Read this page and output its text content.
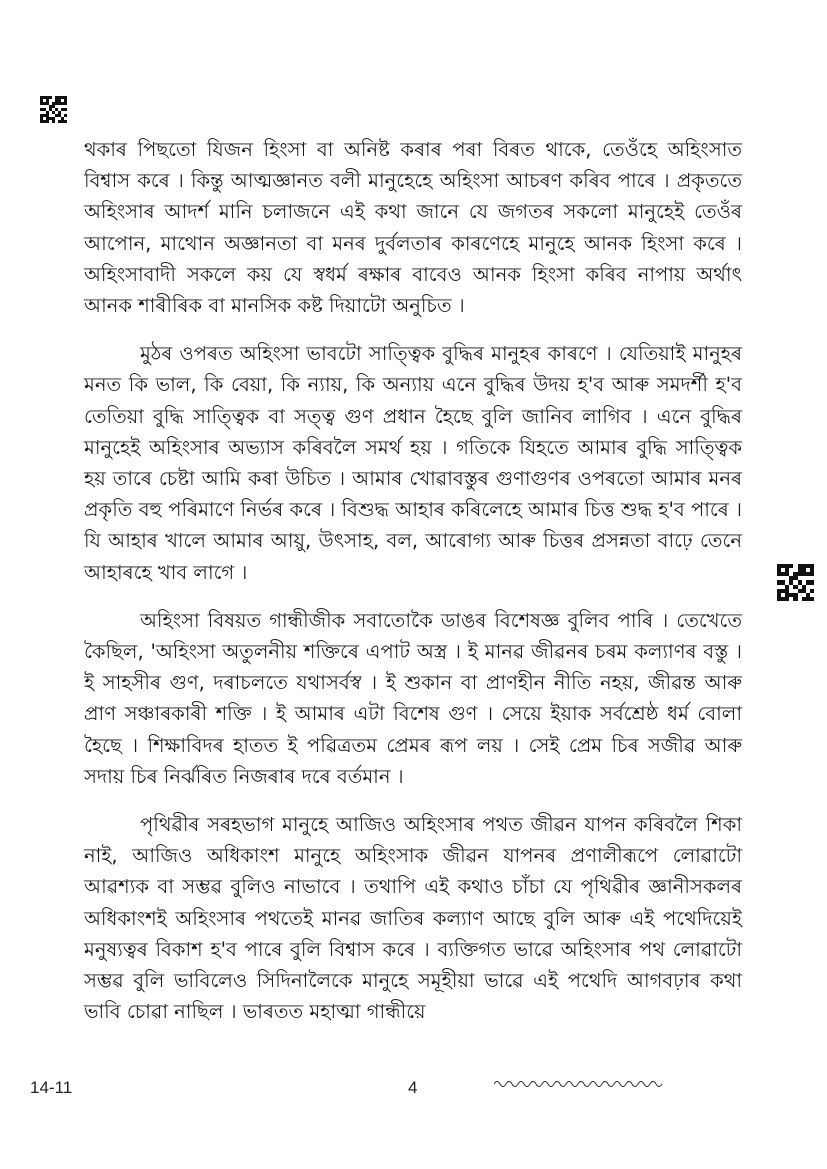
থকাৰ পিছতো যিজন হিংসা বা অনিষ্ট কৰাৰ পৰা বিৰত থাকে, তেওঁহে অহিংসাত বিশ্বাস কৰে । কিন্তু আত্মজ্ঞানত বলী মানুহেহে অহিংসা আচৰণ কৰিব পাৰে । প্ৰকৃততে অহিংসাৰ আদৰ্শ মানি চলাজনে এই কথা জানে যে জগতৰ সকলো মানুহেই তেওঁৰ আপোন, মাথোন অজ্ঞানতা বা মনৰ দুৰ্বলতাৰ কাৰণেহে মানুহে আনক হিংসা কৰে । অহিংসাবাদী সকলে কয় যে স্বধৰ্ম ৰক্ষাৰ বাবেও আনক হিংসা কৰিব নাপায় অৰ্থাৎ আনক শাৰীৰিক বা মানসিক কষ্ট দিয়াটো অনুচিত ।

মুঠৰ ওপৰত অহিংসা ভাবটো সাত্ত্বিক বুদ্ধিৰ মানুহৰ কাৰণে । যেতিয়াই মানুহৰ মনত কি ভাল, কি বেয়া, কি ন্যায়, কি অন্যায় এনে বুদ্ধিৰ উদয় হ'ব আৰু সমদৰ্শী হ'ব তেতিয়া বুদ্ধি সাত্ত্বিক বা সত্ত্ব গুণ প্ৰধান হৈছে বুলি জানিব লাগিব । এনে বুদ্ধিৰ মানুহেই অহিংসাৰ অভ্যাস কৰিবলৈ সমৰ্থ হয় । গতিকে যিহতে আমাৰ বুদ্ধি সাত্ত্বিক হয় তাৰে চেষ্টা আমি কৰা উচিত । আমাৰ খোৱাবস্তুৰ গুণাগুণৰ ওপৰতো আমাৰ মনৰ প্ৰকৃতি বহু পৰিমাণে নিৰ্ভৰ কৰে । বিশুদ্ধ আহাৰ কৰিলেহে আমাৰ চিত্ত শুদ্ধ হ'ব পাৰে । যি আহাৰ খালে আমাৰ আয়ু, উৎসাহ, বল, আৰোগ্য আৰু চিত্তৰ প্ৰসন্নতা বাঢ়ে তেনে আহাৰহে খাব লাগে ।

অহিংসা বিষয়ত গান্ধীজীক সবাতোকৈ ডাঙৰ বিশেষজ্ঞ বুলিব পাৰি । তেখেতে কৈছিল, 'অহিংসা অতুলনীয় শক্তিৰে এপাট অস্ত্ৰ । ই মানৱ জীৱনৰ চৰম কল্যাণৰ বস্তু । ই সাহসীৰ গুণ, দৰাচলতে যথাসৰ্বস্ব । ই শুকান বা প্ৰাণহীন নীতি নহয়, জীৱন্ত আৰু প্ৰাণ সঞ্চাৰকাৰী শক্তি । ই আমাৰ এটা বিশেষ গুণ । সেয়ে ইয়াক সৰ্বশ্ৰেষ্ঠ ধৰ্ম বোলা হৈছে । শিক্ষাবিদৰ হাতত ই পৱিত্ৰতম প্ৰেমৰ ৰূপ লয় । সেই প্ৰেম চিৰ সজীৱ আৰু সদায় চিৰ নিৰ্ঝৰিত নিজৰাৰ দৰে বৰ্তমান ।

পৃথিৱীৰ সৰহভাগ মানুহে আজিও অহিংসাৰ পথত জীৱন যাপন কৰিবলৈ শিকা নাই, আজিও অধিকাংশ মানুহে অহিংসাক জীৱন যাপনৰ প্ৰণালীৰূপে লোৱাটো আৱশ্যক বা সম্ভৱ বুলিও নাভাবে । তথাপি এই কথাও চাঁচা যে পৃথিৱীৰ জ্ঞানীসকলৰ অধিকাংশই অহিংসাৰ পথতেই মানৱ জাতিৰ কল্যাণ আছে বুলি আৰু এই পথেদিয়েই মনুষ্যত্বৰ বিকাশ হ'ব পাৰে বুলি বিশ্বাস কৰে । ব্যক্তিগত ভাৱে অহিংসাৰ পথ লোৱাটো সম্ভৱ বুলি ভাবিলেও সিদিনালৈকে মানুহে সমূহীয়া ভাৱে এই পথেদি আগবঢ়াৰ কথা ভাবি চোৱা নাছিল । ভাৰতত মহাত্মা গান্ধীয়ে

14-11	4
